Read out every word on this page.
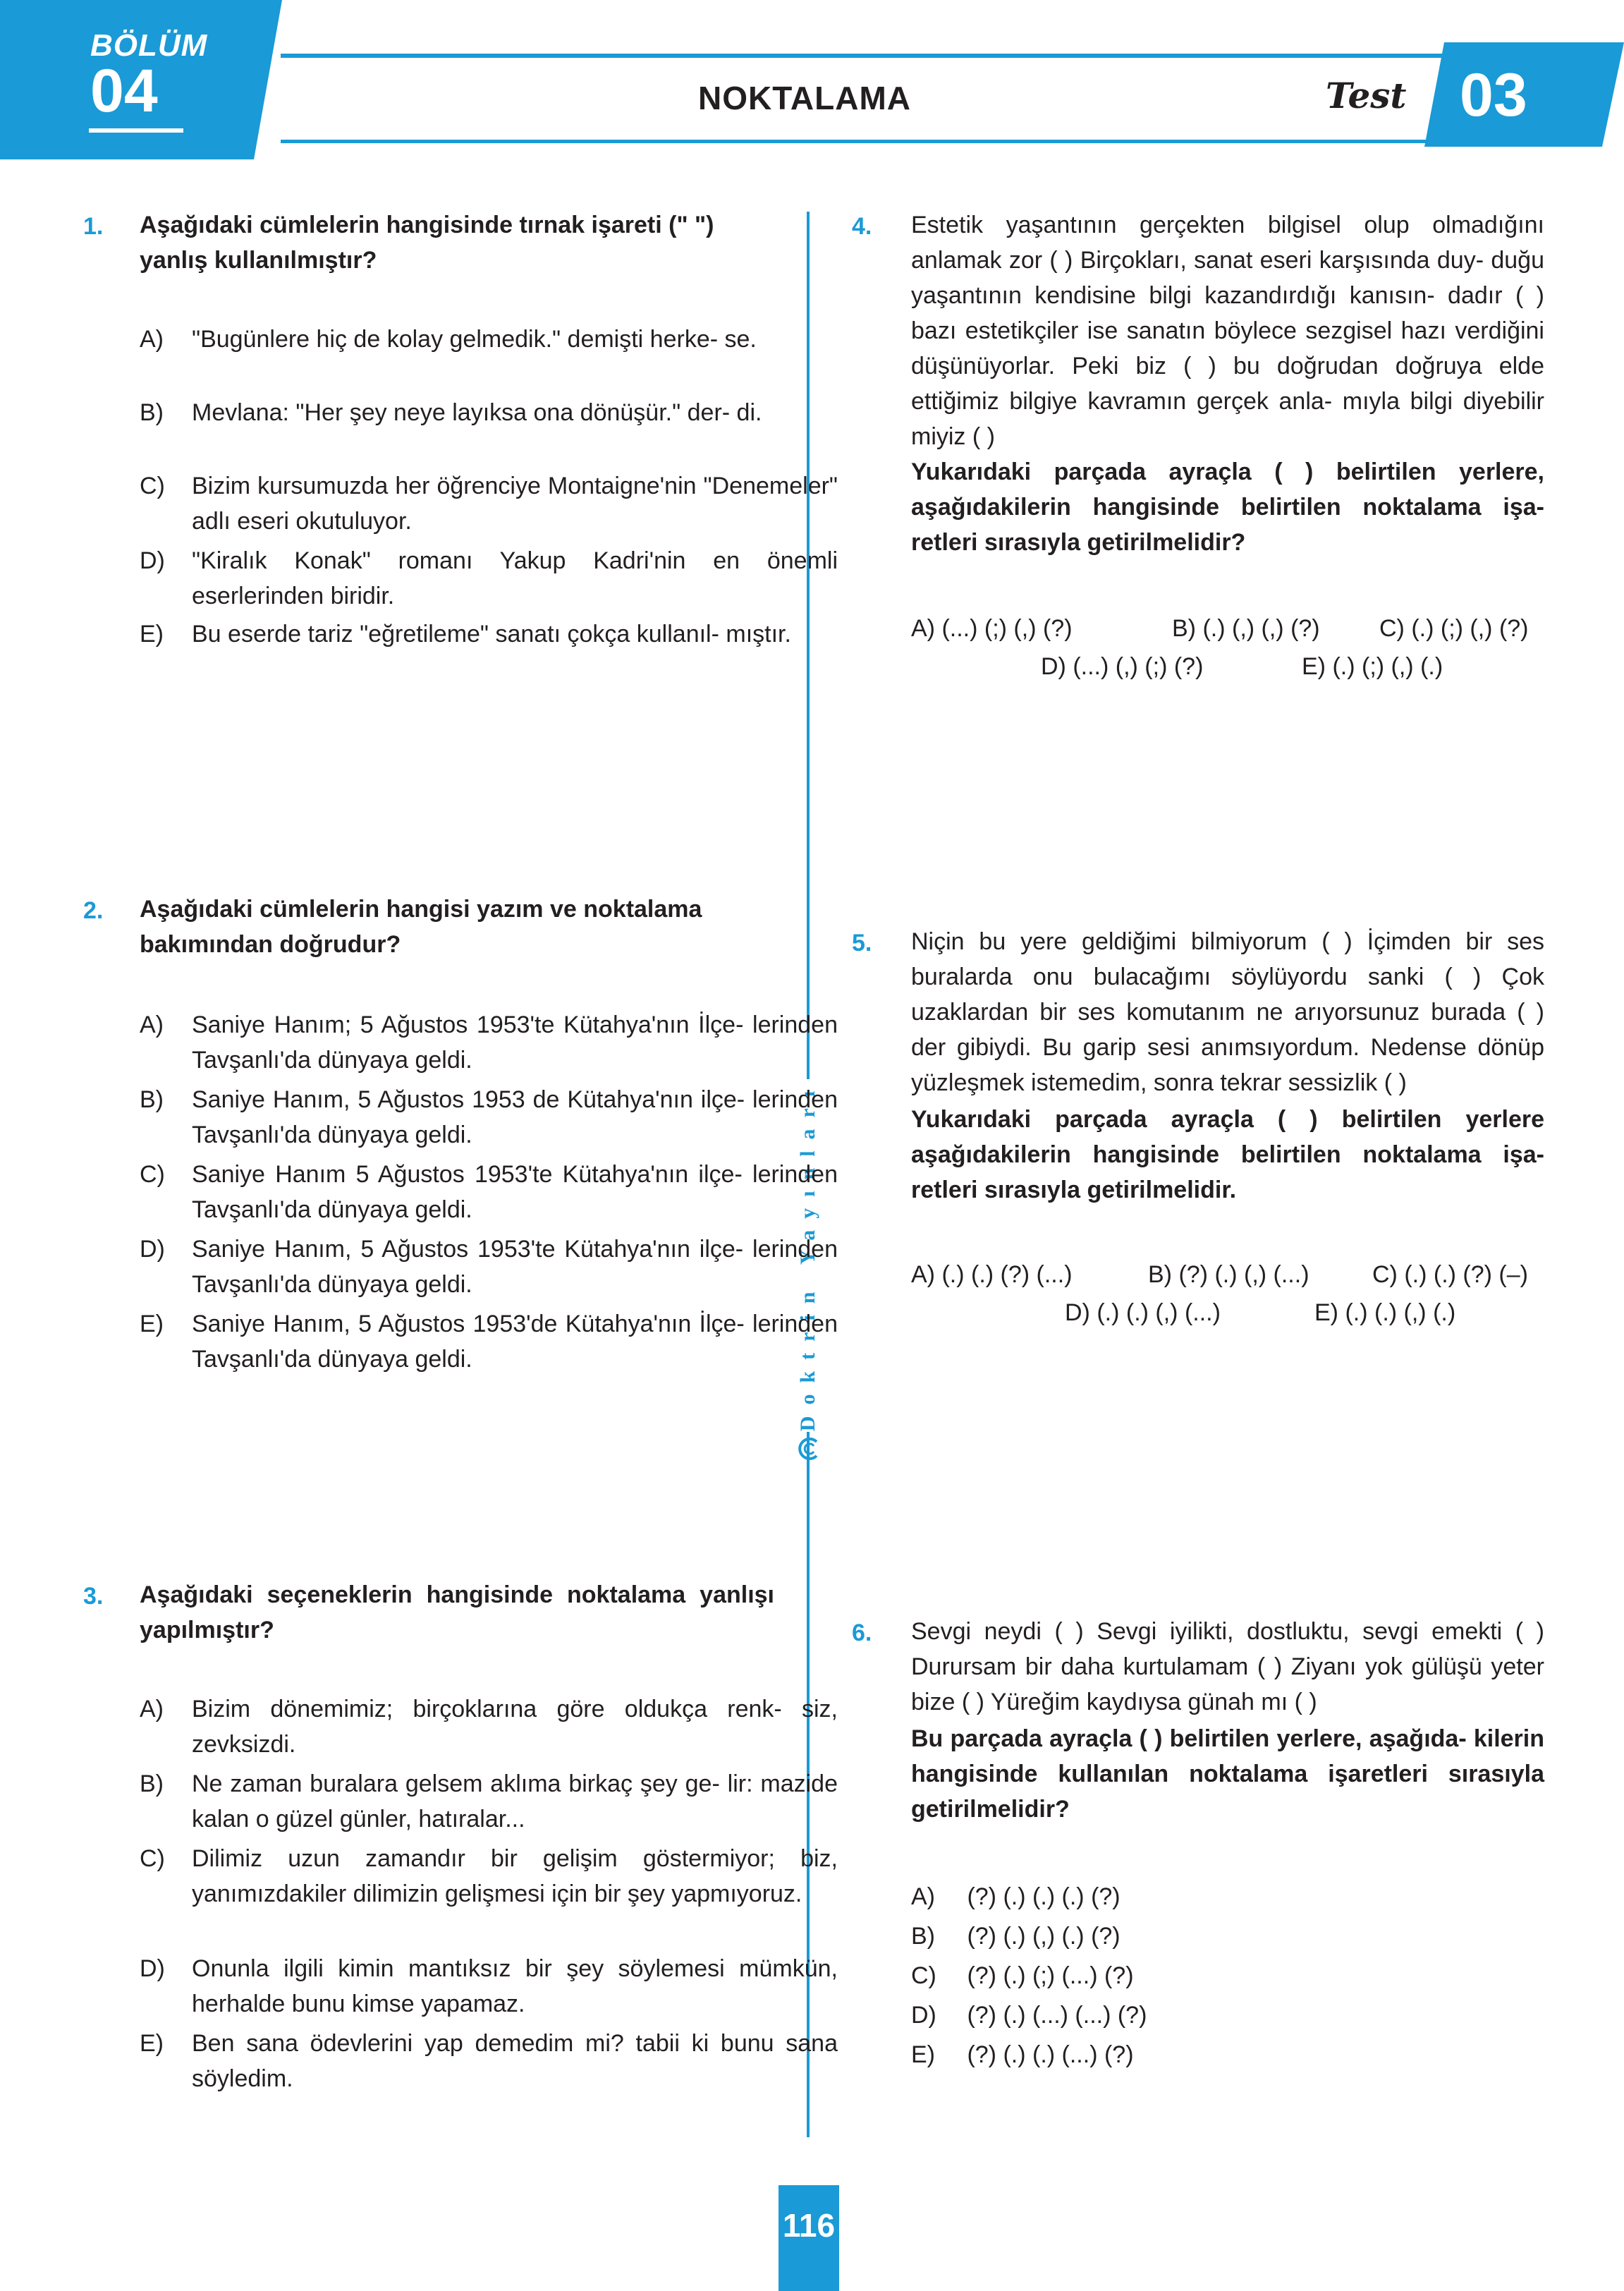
BÖLÜM
04	NOKTALAMA	Test 03
Doktrin Yayınları
116
1. Aşağıdaki cümlelerin hangisinde tırnak işareti (" ") yanlış kullanılmıştır?
A) "Bugünlere hiç de kolay gelmedik." demişti herke- se.
B) Mevlana: "Her şey neye layıksa ona dönüşür." der- di.
C) Bizim kursumuzda her öğrenciye Montaigne'nin "Denemeler" adlı eseri okutuluyor.
D) "Kiralık Konak" romanı Yakup Kadri'nin en önemli eserlerinden biridir.
E) Bu eserde tariz "eğretileme" sanatı çokça kullanıl- mıştır.
2. Aşağıdaki cümlelerin hangisi yazım ve noktalama bakımından doğrudur?
A) Saniye Hanım; 5 Ağustos 1953'te Kütahya'nın İlçe- lerinden Tavşanlı'da dünyaya geldi.
B) Saniye Hanım, 5 Ağustos 1953 de Kütahya'nın ilçe- lerinden Tavşanlı'da dünyaya geldi.
C) Saniye Hanım 5 Ağustos 1953'te Kütahya'nın ilçe- lerinden Tavşanlı'da dünyaya geldi.
D) Saniye Hanım, 5 Ağustos 1953'te Kütahya'nın ilçe- lerinden Tavşanlı'da dünyaya geldi.
E) Saniye Hanım, 5 Ağustos 1953'de Kütahya'nın İlçe- lerinden Tavşanlı'da dünyaya geldi.
3. Aşağıdaki seçeneklerin hangisinde noktalama yanlışı yapılmıştır?
A) Bizim dönemimiz; birçoklarına göre oldukça renk- siz, zevksizdi.
B) Ne zaman buralara gelsem aklıma birkaç şey ge- lir: mazide kalan o güzel günler, hatıralar...
C) Dilimiz uzun zamandır bir gelişim göstermiyor; biz, yanımızdakiler dilimizin gelişmesi için bir şey yapmıyoruz.
D) Onunla ilgili kimin mantıksız bir şey söylemesi mümkün, herhalde bunu kimse yapamaz.
E) Ben sana ödevlerini yap demedim mi? tabii ki bunu sana söyledim.
4. Estetik yaşantının gerçekten bilgisel olup olmadığını anlamak zor ( ) Birçokları, sanat eseri karşısında duy- duğu yaşantının kendisine bilgi kazandırdığı kanısın- dadır ( ) bazı estetikçiler ise sanatın böylece sezgisel hazı verdiğini düşünüyorlar. Peki biz ( ) bu doğrudan doğruya elde ettiğimiz bilgiye kavramın gerçek anla- mıyla bilgi diyebilir miyiz ( )
Yukarıdaki parçada ayraçla ( ) belirtilen yerlere, aşağıdakilerin hangisinde belirtilen noktalama işa- retleri sırasıyla getirilmelidir?
A) (...) (;) (,) (?)	B) (.) (,) (,) (?) C) (.) (;) (,) (?)
D) (...) (,) (;) (?)	E) (.) (;) (,) (.)
5. Niçin bu yere geldiğimi bilmiyorum ( ) İçimden bir ses buralarda onu bulacağımı söylüyordu sanki ( ) Çok uzaklardan bir ses komutanım ne arıyorsunuz burada ( ) der gibiydi. Bu garip sesi anımsıyordum. Nedense dönüp yüzleşmek istemedim, sonra tekrar sessizlik ( )
Yukarıdaki parçada ayraçla ( ) belirtilen yerlere aşağıdakilerin hangisinde belirtilen noktalama işa- retleri sırasıyla getirilmelidir.
A) (.) (.) (?) (...)	B) (?) (.) (,) (...)	C) (.) (.) (?) (–)
D) (.) (.) (,) (...)	E) (.) (.) (,) (.)
6. Sevgi neydi ( ) Sevgi iyilikti, dostluktu, sevgi emekti ( ) Durursam bir daha kurtulamam ( ) Ziyanı yok gülüşü yeter bize ( ) Yüreğim kaydıysa günah mı ( )
Bu parçada ayraçla ( ) belirtilen yerlere, aşağıda- kilerin hangisinde kullanılan noktalama işaretleri sırasıyla getirilmelidir?
A) (?) (.) (.) (.) (?)
B) (?) (.) (,) (.) (?)
C) (?) (.) (;) (...) (?)
D) (?) (.) (...) (...) (?)
E) (?) (.) (.) (...) (?)
